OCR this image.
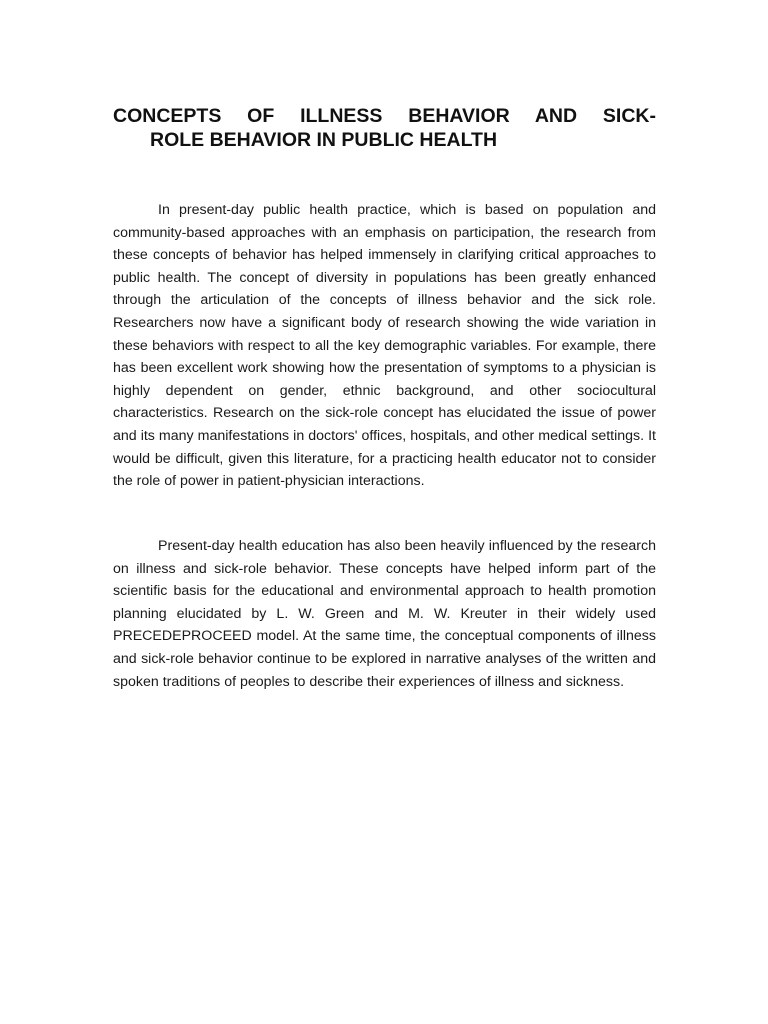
CONCEPTS OF ILLNESS BEHAVIOR AND SICK-
ROLE BEHAVIOR IN PUBLIC HEALTH

In present-day public health practice, which is based on population and community-based approaches with an emphasis on participation, the research from these concepts of behavior has helped immensely in clarifying critical approaches to public health. The concept of diversity in populations has been greatly enhanced through the articulation of the concepts of illness behavior and the sick role. Researchers now have a significant body of research showing the wide variation in these behaviors with respect to all the key demographic variables. For example, there has been excellent work showing how the presentation of symptoms to a physician is highly dependent on gender, ethnic background, and other sociocultural characteristics. Research on the sick-role concept has elucidated the issue of power and its many manifestations in doctors' offices, hospitals, and other medical settings. It would be difficult, given this literature, for a practicing health educator not to consider the role of power in patient-physician interactions.

Present-day health education has also been heavily influenced by the research on illness and sick-role behavior. These concepts have helped inform part of the scientific basis for the educational and environmental approach to health promotion planning elucidated by L. W. Green and M. W. Kreuter in their widely used PRECEDEPROCEED model. At the same time, the conceptual components of illness and sick-role behavior continue to be explored in narrative analyses of the written and spoken traditions of peoples to describe their experiences of illness and sickness.
